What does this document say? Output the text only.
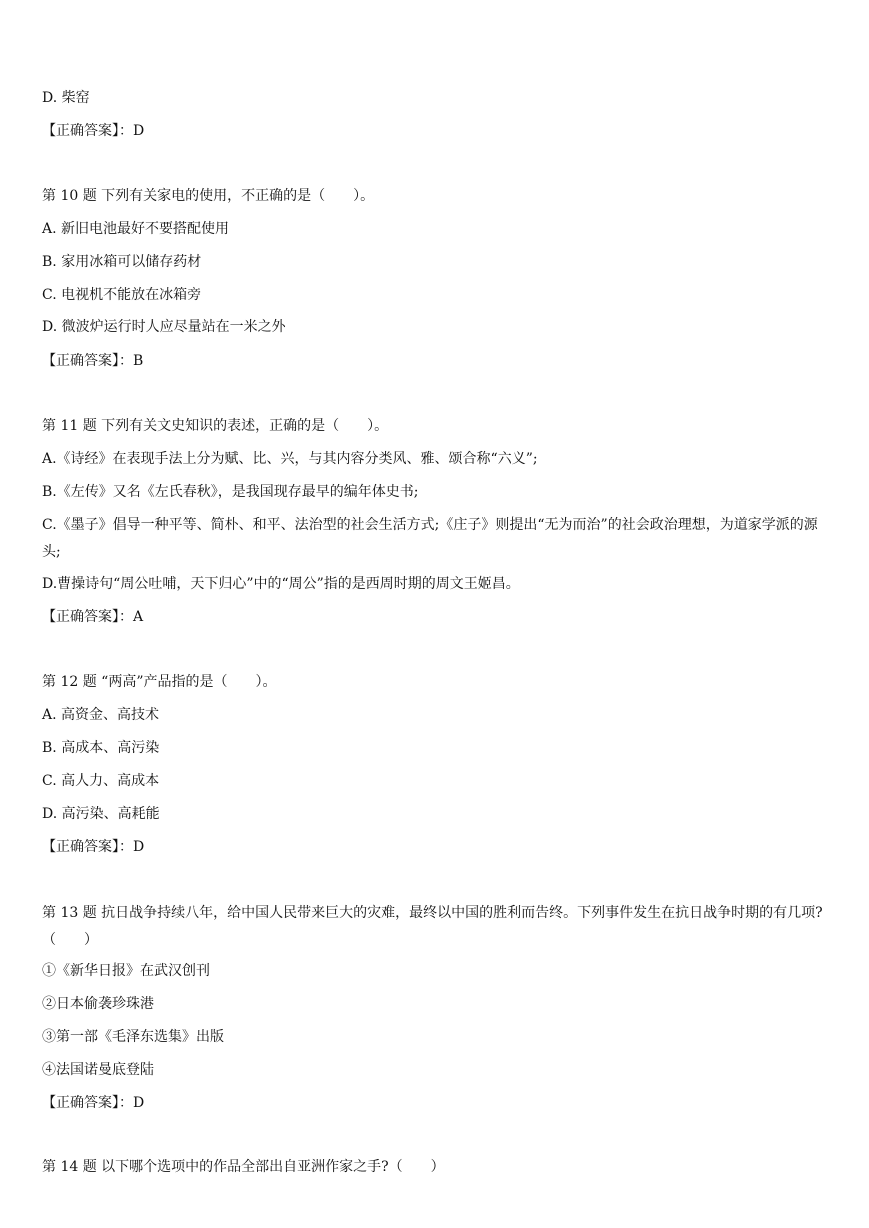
D. 柴窑
【正确答案】：D
第 10 题 下列有关家电的使用，不正确的是（　　）。
A. 新旧电池最好不要搭配使用
B. 家用冰箱可以储存药材
C. 电视机不能放在冰箱旁
D. 微波炉运行时人应尽量站在一米之外
【正确答案】：B
第 11 题 下列有关文史知识的表述，正确的是（　　）。
A.《诗经》在表现手法上分为赋、比、兴，与其内容分类风、雅、颂合称“六义”;
B.《左传》又名《左氏春秋》，是我国现存最早的编年体史书;
C.《墨子》倡导一种平等、简朴、和平、法治型的社会生活方式;《庄子》则提出“无为而治”的社会政治理想，为道家学派的源头;
D.曹操诗句“周公吐哺，天下归心”中的“周公”指的是西周时期的周文王姬昌。
【正确答案】：A
第 12 题 “两高”产品指的是（　　）。
A. 高资金、高技术
B. 高成本、高污染
C. 高人力、高成本
D. 高污染、高耗能
【正确答案】：D
第 13 题 抗日战争持续八年，给中国人民带来巨大的灾难，最终以中国的胜利而告终。下列事件发生在抗日战争时期的有几项?（　　）
①《新华日报》在武汉创刊
②日本偷袭珍珠港
③第一部《毛泽东选集》出版
④法国诺曼底登陆
【正确答案】：D
第 14 题 以下哪个选项中的作品全部出自亚洲作家之手?（　　）
